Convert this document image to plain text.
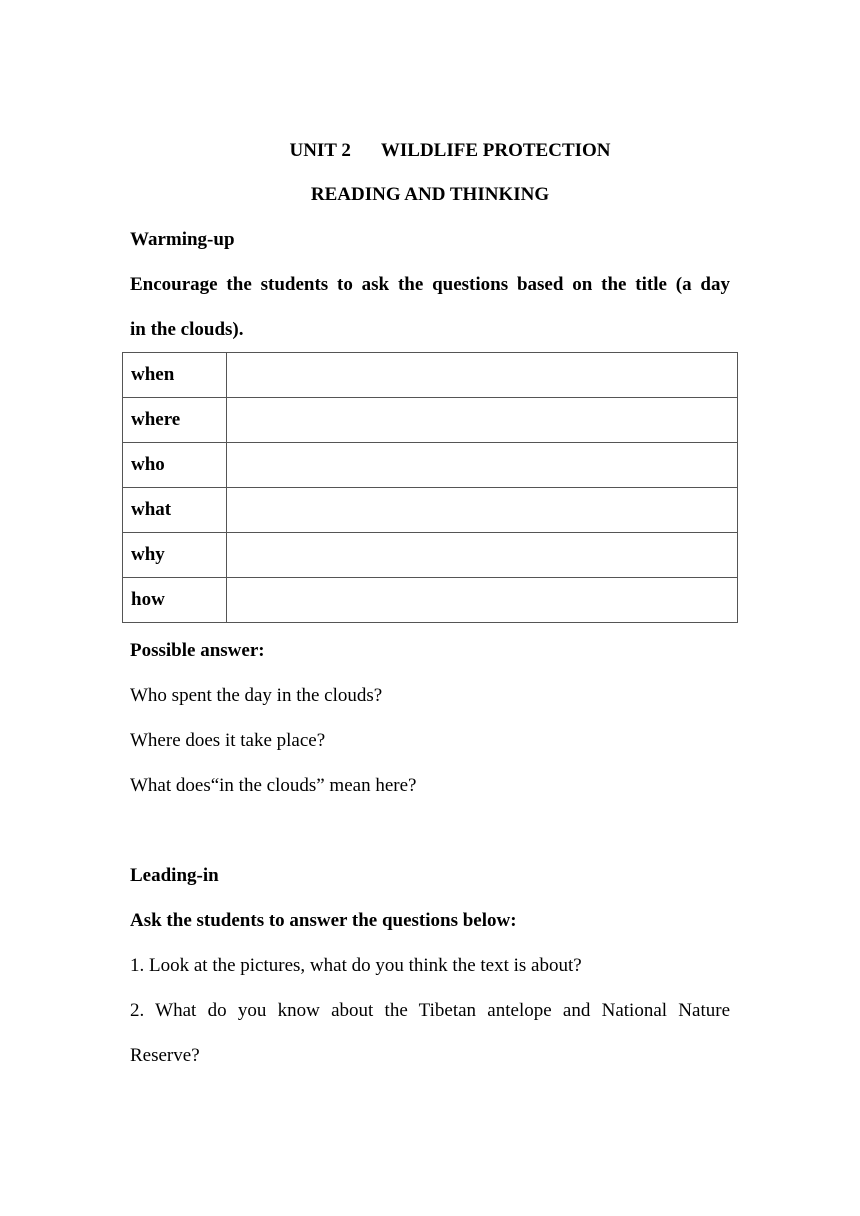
UNIT 2 WILDLIFE PROTECTION
READING AND THINKING
Warming-up
Encourage the students to ask the questions based on the title (a day
in the clouds).
when	
where	
who	
what	
why	
how	
Possible answer:
Who spent the day in the clouds?
Where does it take place?
What does“in the clouds” mean here?
Leading-in
Ask the students to answer the questions below:
1. Look at the pictures, what do you think the text is about?
2. What do you know about the Tibetan antelope and National Nature
Reserve?
